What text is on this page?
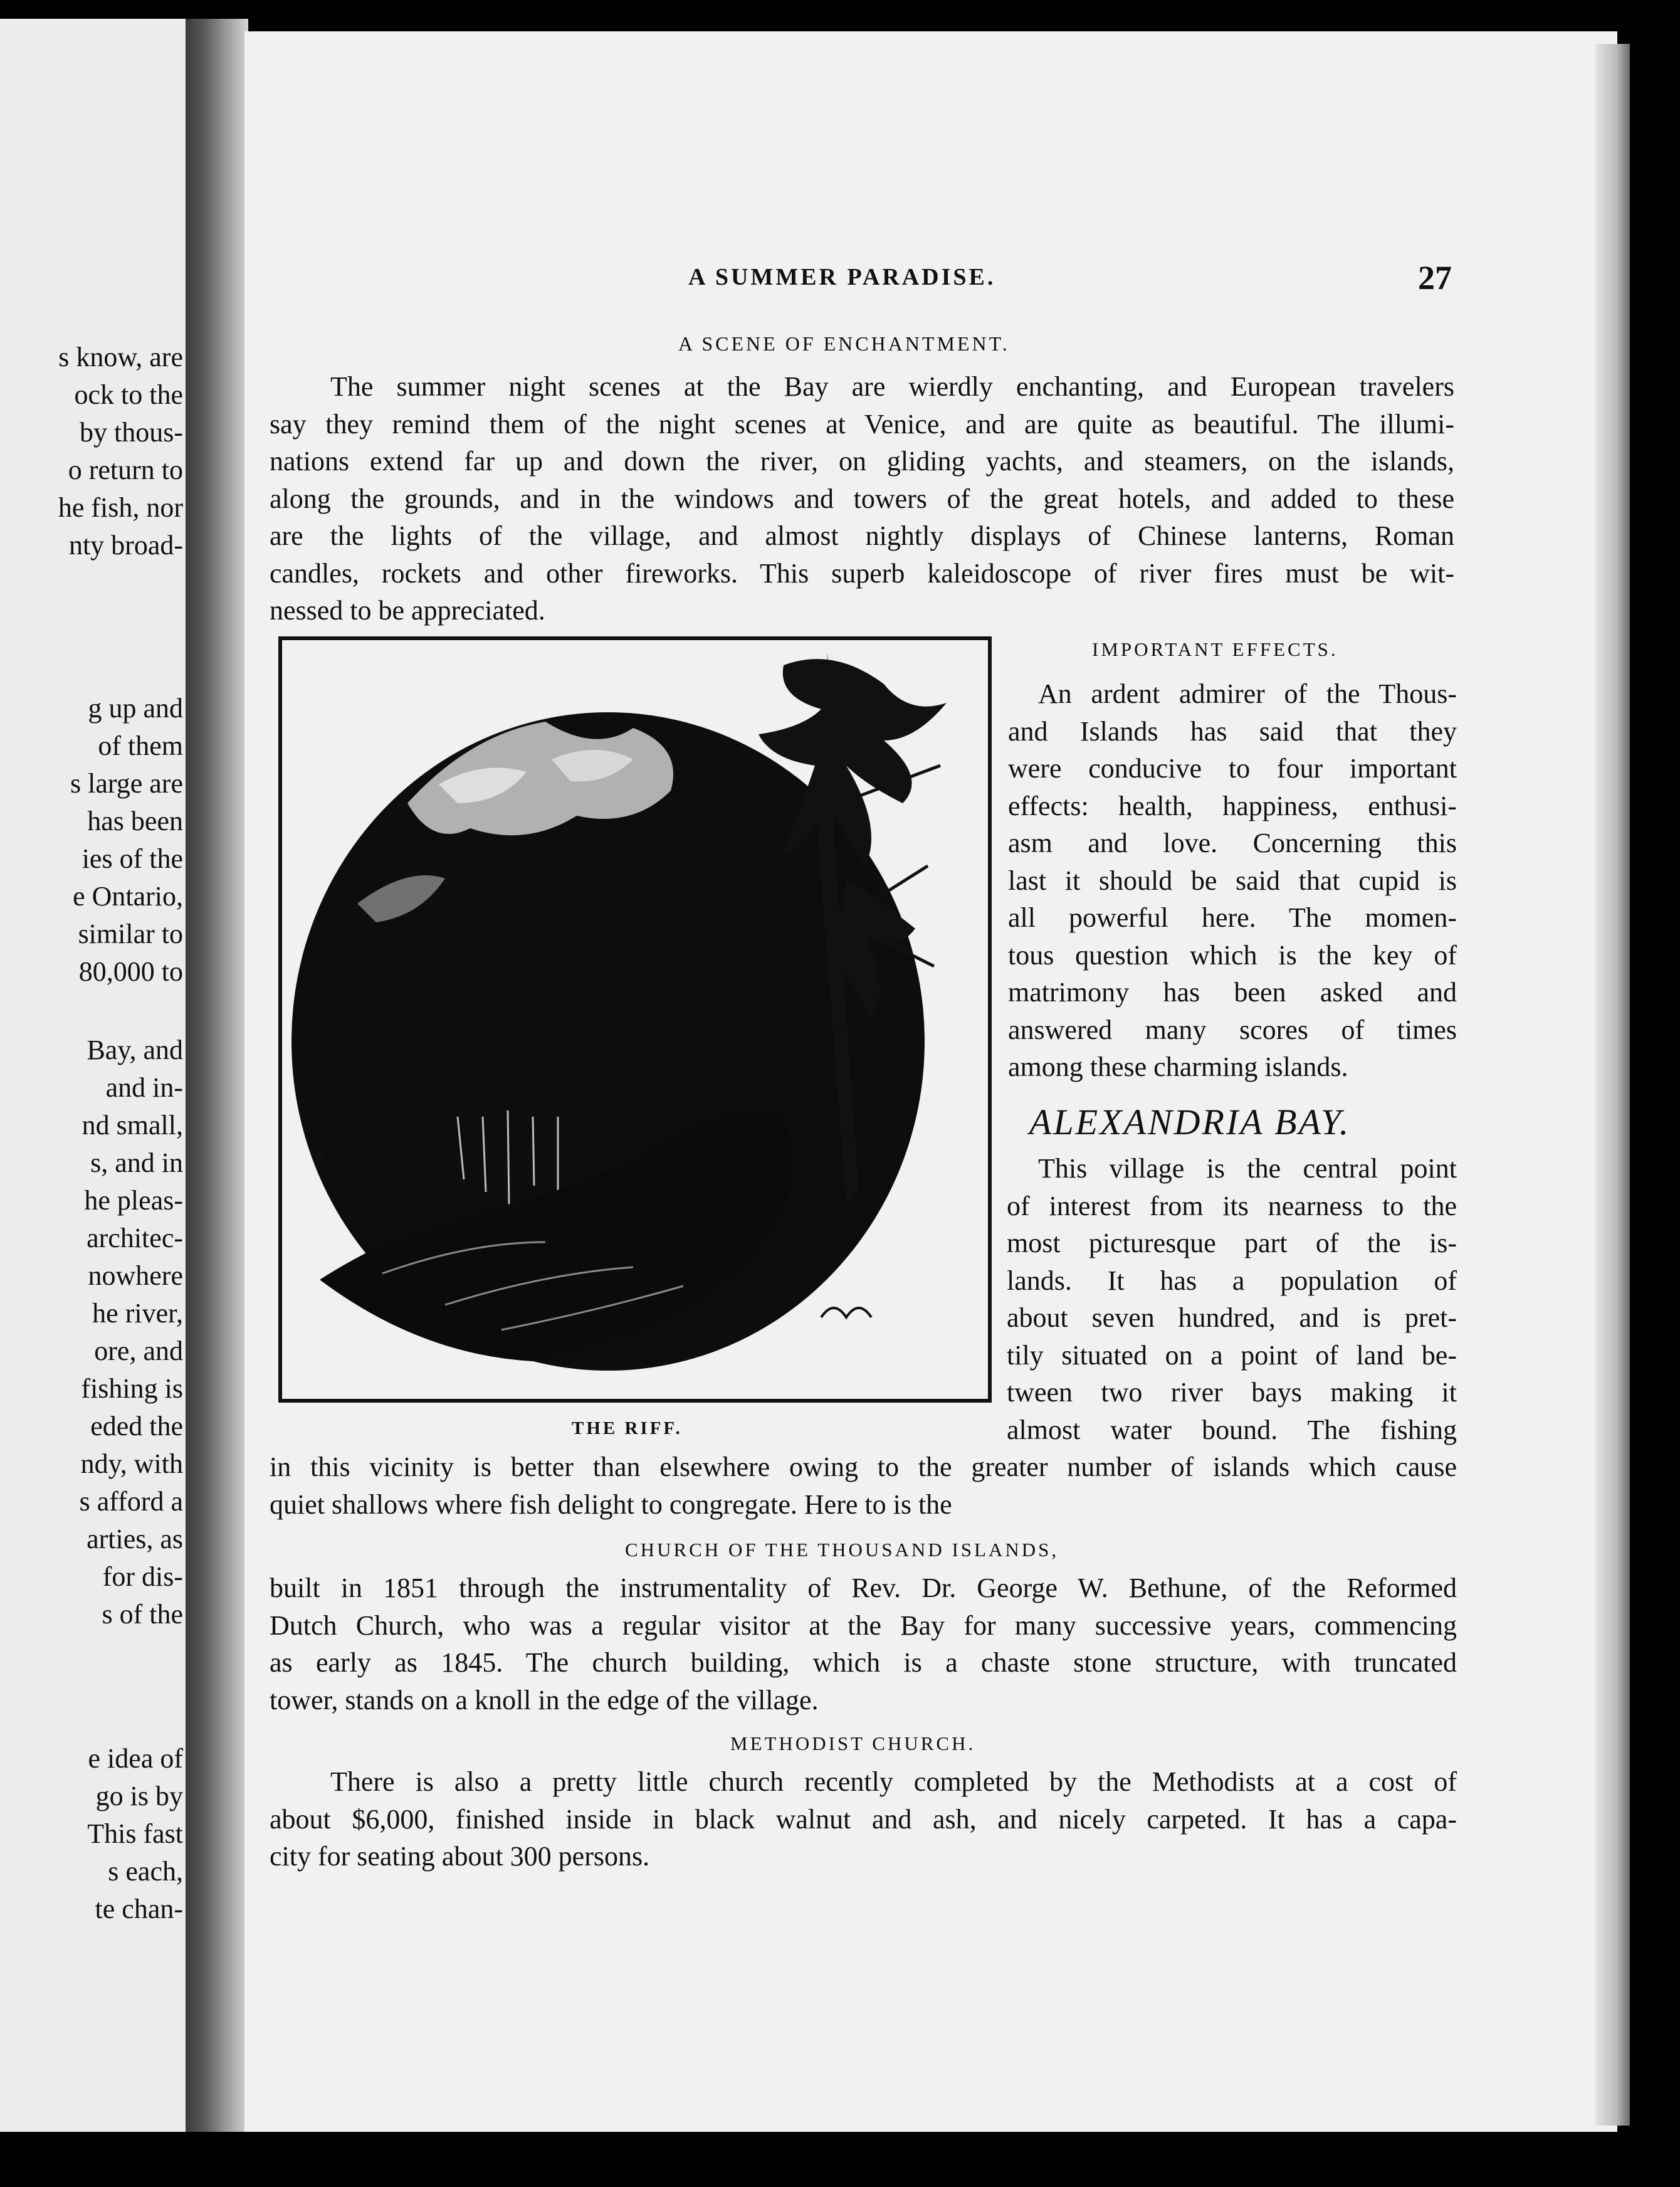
s know, are
ock to the
by thous-
o return to
he fish, nor
nty broad-
g up and
of them
s large are
has been
ies of the
e Ontario,
similar to
80,000 to
Bay, and
and in-
nd small,
s, and in
he pleas-
architec-
nowhere
he river,
ore, and
fishing is
eded the
ndy, with
s afford a
arties, as
for dis-
s of the
e idea of
go is by
This fast
s each,
te chan-
A SUMMER PARADISE.	27
A SCENE OF ENCHANTMENT.
The summer night scenes at the Bay are wierdly enchanting, and European travelers
say they remind them of the night scenes at Venice, and are quite as beautiful. The illumi-
nations extend far up and down the river, on gliding yachts, and steamers, on the islands,
along the grounds, and in the windows and towers of the great hotels, and added to these
are the lights of the village, and almost nightly displays of Chinese lanterns, Roman
candles, rockets and other fireworks. This superb kaleidoscope of river fires must be wit-
nessed to be appreciated.
THE RIFF.
IMPORTANT EFFECTS.
An ardent admirer of the Thous-
and Islands has said that they
were conducive to four important
effects: health, happiness, enthusi-
asm and love. Concerning this
last it should be said that cupid is
all powerful here. The momen-
tous question which is the key of
matrimony has been asked and
answered many scores of times
among these charming islands.
ALEXANDRIA BAY.
This village is the central point
of interest from its nearness to the
most picturesque part of the is-
lands. It has a population of
about seven hundred, and is pret-
tily situated on a point of land be-
tween two river bays making it
almost water bound. The fishing
in this vicinity is better than elsewhere owing to the greater number of islands which cause
quiet shallows where fish delight to congregate. Here to is the
CHURCH OF THE THOUSAND ISLANDS,
built in 1851 through the instrumentality of Rev. Dr. George W. Bethune, of the Reformed
Dutch Church, who was a regular visitor at the Bay for many successive years, commencing
as early as 1845. The church building, which is a chaste stone structure, with truncated
tower, stands on a knoll in the edge of the village.
METHODIST CHURCH.
There is also a pretty little church recently completed by the Methodists at a cost of
about $6,000, finished inside in black walnut and ash, and nicely carpeted. It has a capa-
city for seating about 300 persons.
